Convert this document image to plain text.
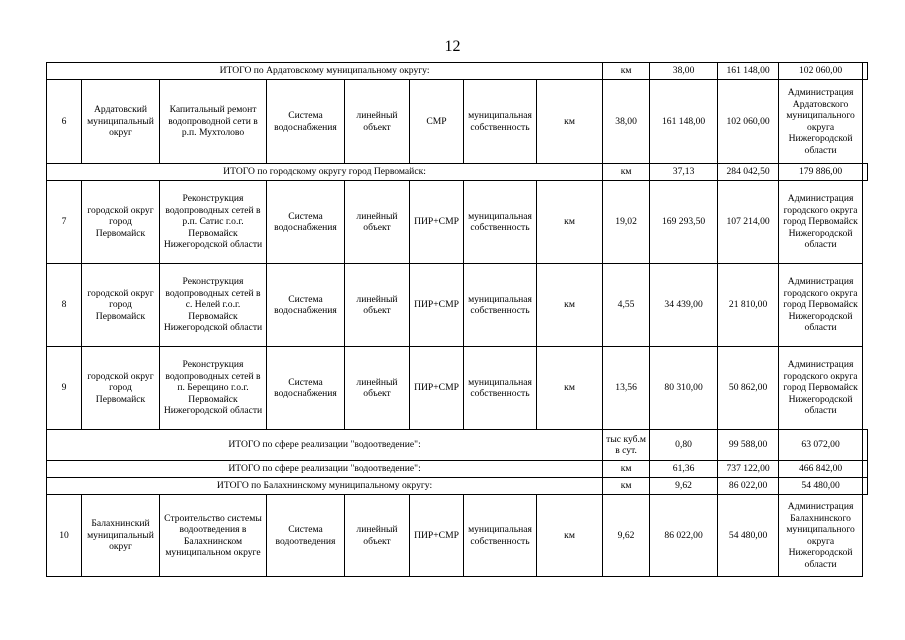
12
ИТОГО по Ардатовскому муниципальному округу:								км	38,00	161 148,00	102 060,00	
6	Ардатовский муниципальный округ	Капитальный ремонт водопроводной сети в р.п. Мухтолово	Система водоснабжения	линейный объект	СМР	муниципальная собственность	км	38,00	161 148,00	102 060,00	Администрация Ардатовского муниципального округа Нижегородской области	
ИТОГО по городскому округу город Первомайск:								км	37,13	284 042,50	179 886,00	
7	городской округ город Первомайск	Реконструкция водопроводных сетей в р.п. Сатис г.о.г. Первомайск Нижегородской области	Система водоснабжения	линейный объект	ПИР+СМР	муниципальная собственность	км	19,02	169 293,50	107 214,00	Администрация городского округа город Первомайск Нижегородской области	
8	городской округ город Первомайск	Реконструкция водопроводных сетей в с. Нелей г.о.г. Первомайск Нижегородской области	Система водоснабжения	линейный объект	ПИР+СМР	муниципальная собственность	км	4,55	34 439,00	21 810,00	Администрация городского округа город Первомайск Нижегородской области	
9	городской округ город Первомайск	Реконструкция водопроводных сетей в п. Берещино г.о.г. Первомайск Нижегородской области	Система водоснабжения	линейный объект	ПИР+СМР	муниципальная собственность	км	13,56	80 310,00	50 862,00	Администрация городского округа город Первомайск Нижегородской области	
ИТОГО по сфере реализации "водоотведение":								тыс куб.м в сут.	0,80	99 588,00	63 072,00	
ИТОГО по сфере реализации "водоотведение":								км	61,36	737 122,00	466 842,00	
ИТОГО по Балахнинскому муниципальному округу:								км	9,62	86 022,00	54 480,00	
10	Балахнинский муниципальный округ	Строительство системы водоотведения в Балахнинском муниципальном округе	Система водоотведения	линейный объект	ПИР+СМР	муниципальная собственность	км	9,62	86 022,00	54 480,00	Администрация Балахнинского муниципального округа Нижегородской области	
